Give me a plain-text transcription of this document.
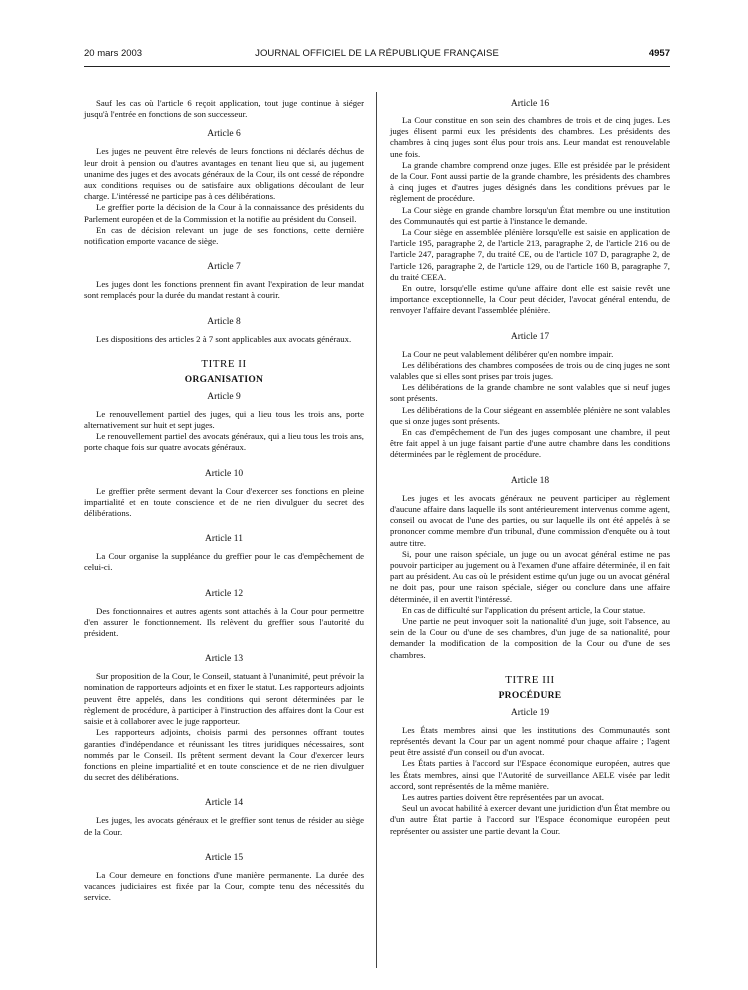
20 mars 2003	JOURNAL OFFICIEL DE LA RÉPUBLIQUE FRANÇAISE	4957

Sauf les cas où l'article 6 reçoit application, tout juge continue à siéger jusqu'à l'entrée en fonctions de son successeur.

Article 6

Les juges ne peuvent être relevés de leurs fonctions ni déclarés déchus de leur droit à pension ou d'autres avantages en tenant lieu que si, au jugement unanime des juges et des avocats généraux de la Cour, ils ont cessé de répondre aux conditions requises ou de satisfaire aux obligations découlant de leur charge. L'intéressé ne participe pas à ces délibérations.

Le greffier porte la décision de la Cour à la connaissance des présidents du Parlement européen et de la Commission et la notifie au président du Conseil.

En cas de décision relevant un juge de ses fonctions, cette dernière notification emporte vacance de siège.

Article 7

Les juges dont les fonctions prennent fin avant l'expiration de leur mandat sont remplacés pour la durée du mandat restant à courir.

Article 8

Les dispositions des articles 2 à 7 sont applicables aux avocats généraux.

TITRE II
ORGANISATION
Article 9

Le renouvellement partiel des juges, qui a lieu tous les trois ans, porte alternativement sur huit et sept juges.

Le renouvellement partiel des avocats généraux, qui a lieu tous les trois ans, porte chaque fois sur quatre avocats généraux.

Article 10

Le greffier prête serment devant la Cour d'exercer ses fonctions en pleine impartialité et en toute conscience et de ne rien divulguer du secret des délibérations.

Article 11

La Cour organise la suppléance du greffier pour le cas d'empêchement de celui-ci.

Article 12

Des fonctionnaires et autres agents sont attachés à la Cour pour permettre d'en assurer le fonctionnement. Ils relèvent du greffier sous l'autorité du président.

Article 13

Sur proposition de la Cour, le Conseil, statuant à l'unanimité, peut prévoir la nomination de rapporteurs adjoints et en fixer le statut. Les rapporteurs adjoints peuvent être appelés, dans les conditions qui seront déterminées par le règlement de procédure, à participer à l'instruction des affaires dont la Cour est saisie et à collaborer avec le juge rapporteur.

Les rapporteurs adjoints, choisis parmi des personnes offrant toutes garanties d'indépendance et réunissant les titres juridiques nécessaires, sont nommés par le Conseil. Ils prêtent serment devant la Cour d'exercer leurs fonctions en pleine impartialité et en toute conscience et de ne rien divulguer du secret des délibérations.

Article 14

Les juges, les avocats généraux et le greffier sont tenus de résider au siège de la Cour.

Article 15

La Cour demeure en fonctions d'une manière permanente. La durée des vacances judiciaires est fixée par la Cour, compte tenu des nécessités du service.

Article 16

La Cour constitue en son sein des chambres de trois et de cinq juges. Les juges élisent parmi eux les présidents des chambres. Les présidents des chambres à cinq juges sont élus pour trois ans. Leur mandat est renouvelable une fois.

La grande chambre comprend onze juges. Elle est présidée par le président de la Cour. Font aussi partie de la grande chambre, les présidents des chambres à cinq juges et d'autres juges désignés dans les conditions prévues par le règlement de procédure.

La Cour siège en grande chambre lorsqu'un État membre ou une institution des Communautés qui est partie à l'instance le demande.

La Cour siège en assemblée plénière lorsqu'elle est saisie en application de l'article 195, paragraphe 2, de l'article 213, paragraphe 2, de l'article 216 ou de l'article 247, paragraphe 7, du traité CE, ou de l'article 107 D, paragraphe 2, de l'article 126, paragraphe 2, de l'article 129, ou de l'article 160 B, paragraphe 7, du traité CEEA.

En outre, lorsqu'elle estime qu'une affaire dont elle est saisie revêt une importance exceptionnelle, la Cour peut décider, l'avocat général entendu, de renvoyer l'affaire devant l'assemblée plénière.

Article 17

La Cour ne peut valablement délibérer qu'en nombre impair.

Les délibérations des chambres composées de trois ou de cinq juges ne sont valables que si elles sont prises par trois juges.

Les délibérations de la grande chambre ne sont valables que si neuf juges sont présents.

Les délibérations de la Cour siégeant en assemblée plénière ne sont valables que si onze juges sont présents.

En cas d'empêchement de l'un des juges composant une chambre, il peut être fait appel à un juge faisant partie d'une autre chambre dans les conditions déterminées par le règlement de procédure.

Article 18

Les juges et les avocats généraux ne peuvent participer au règlement d'aucune affaire dans laquelle ils sont antérieurement intervenus comme agent, conseil ou avocat de l'une des parties, ou sur laquelle ils ont été appelés à se prononcer comme membre d'un tribunal, d'une commission d'enquête ou à tout autre titre.

Si, pour une raison spéciale, un juge ou un avocat général estime ne pas pouvoir participer au jugement ou à l'examen d'une affaire déterminée, il en fait part au président. Au cas où le président estime qu'un juge ou un avocat général ne doit pas, pour une raison spéciale, siéger ou conclure dans une affaire déterminée, il en avertit l'intéressé.

En cas de difficulté sur l'application du présent article, la Cour statue.

Une partie ne peut invoquer soit la nationalité d'un juge, soit l'absence, au sein de la Cour ou d'une de ses chambres, d'un juge de sa nationalité, pour demander la modification de la composition de la Cour ou d'une de ses chambres.

TITRE III
PROCÉDURE
Article 19

Les États membres ainsi que les institutions des Communautés sont représentés devant la Cour par un agent nommé pour chaque affaire ; l'agent peut être assisté d'un conseil ou d'un avocat.

Les États parties à l'accord sur l'Espace économique européen, autres que les États membres, ainsi que l'Autorité de surveillance AELE visée par ledit accord, sont représentés de la même manière.

Les autres parties doivent être représentées par un avocat.

Seul un avocat habilité à exercer devant une juridiction d'un État membre ou d'un autre État partie à l'accord sur l'Espace économique européen peut représenter ou assister une partie devant la Cour.
